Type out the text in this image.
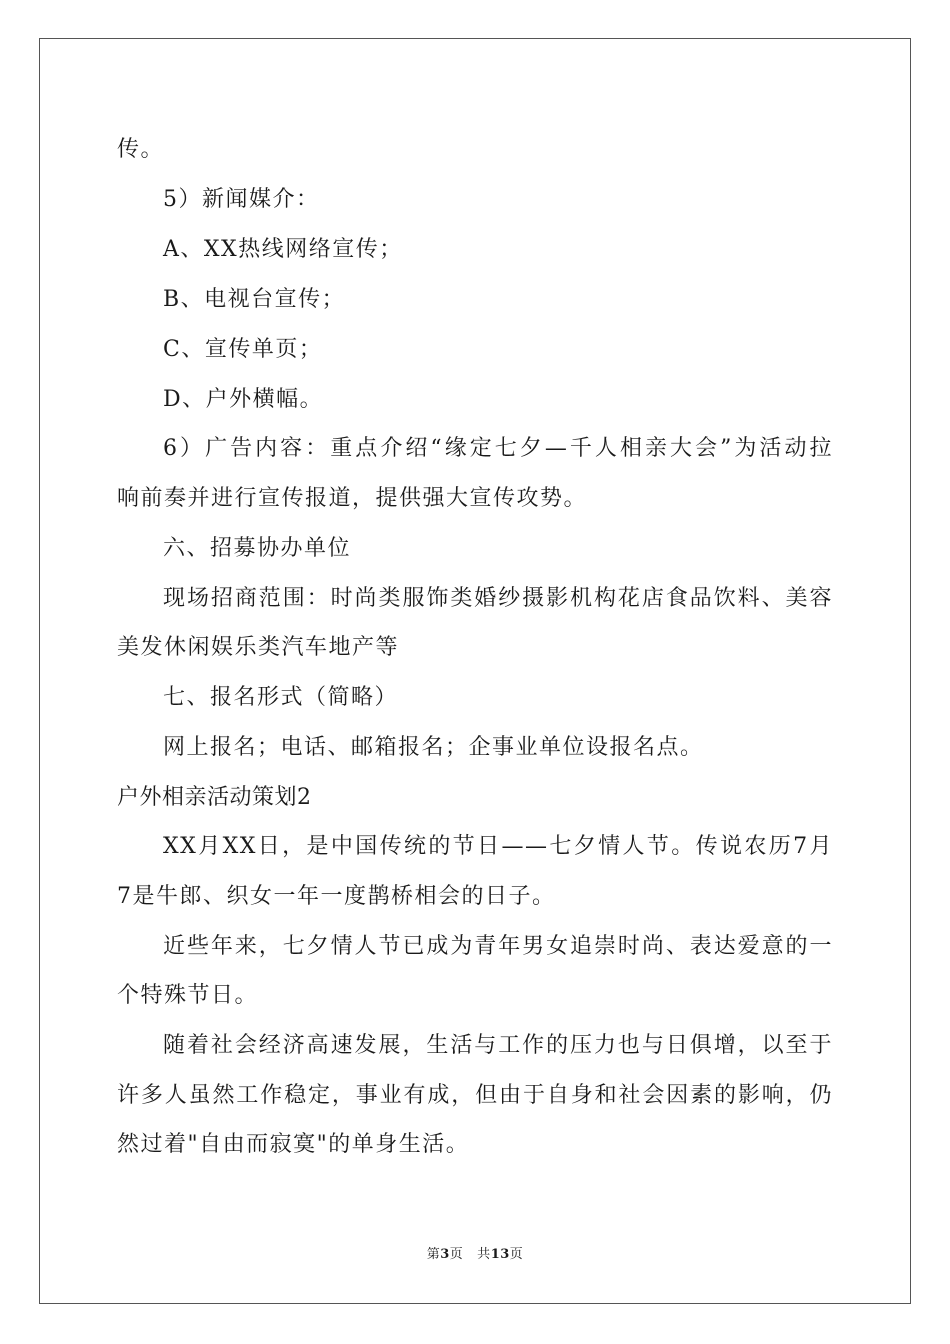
传。
5）新闻媒介：
A、XX热线网络宣传；
B、电视台宣传；
C、宣传单页；
D、户外横幅。
6）广告内容：重点介绍“缘定七夕—千人相亲大会”为活动拉
响前奏并进行宣传报道，提供强大宣传攻势。
六、招募协办单位
现场招商范围：时尚类服饰类婚纱摄影机构花店食品饮料、美容
美发休闲娱乐类汽车地产等
七、报名形式（简略）
网上报名；电话、邮箱报名；企事业单位设报名点。
户外相亲活动策划2
XX月XX日，是中国传统的节日——七夕情人节。传说农历7月
7是牛郎、织女一年一度鹊桥相会的日子。
近些年来，七夕情人节已成为青年男女追崇时尚、表达爱意的一
个特殊节日。
随着社会经济高速发展，生活与工作的压力也与日俱增，以至于
许多人虽然工作稳定，事业有成，但由于自身和社会因素的影响，仍
然过着"自由而寂寞"的单身生活。
第3页 共13页
